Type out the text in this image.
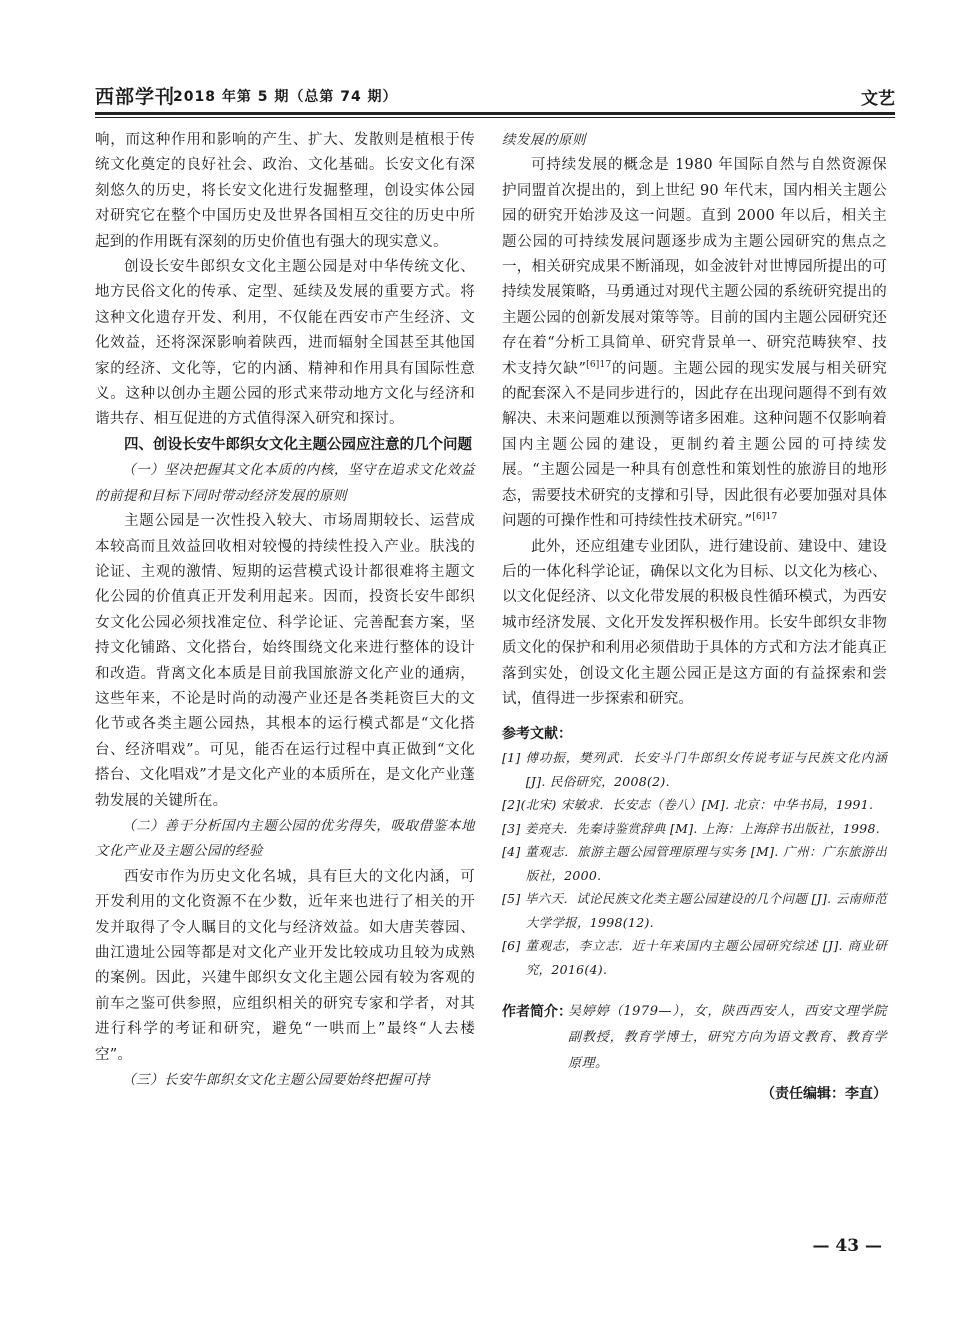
西部学刊
2018 年第 5 期（总第 74 期）	文艺

响，而这种作用和影响的产生、扩大、发散则是植根于传统文化奠定的良好社会、政治、文化基础。长安文化有深刻悠久的历史，将长安文化进行发掘整理，创设实体公园对研究它在整个中国历史及世界各国相互交往的历史中所起到的作用既有深刻的历史价值也有强大的现实意义。

创设长安牛郎织女文化主题公园是对中华传统文化、地方民俗文化的传承、定型、延续及发展的重要方式。将这种文化遗存开发、利用，不仅能在西安市产生经济、文化效益，还将深深影响着陕西，进而辐射全国甚至其他国家的经济、文化等，它的内涵、精神和作用具有国际性意义。这种以创办主题公园的形式来带动地方文化与经济和谐共存、相互促进的方式值得深入研究和探讨。

四、创设长安牛郎织女文化主题公园应注意的几个问题

（一）坚决把握其文化本质的内核，坚守在追求文化效益的前提和目标下同时带动经济发展的原则

主题公园是一次性投入较大、市场周期较长、运营成本较高而且效益回收相对较慢的持续性投入产业。肤浅的论证、主观的激情、短期的运营模式设计都很难将主题文化公园的价值真正开发利用起来。因而，投资长安牛郎织女文化公园必须找准定位、科学论证、完善配套方案，坚持文化铺路、文化搭台，始终围绕文化来进行整体的设计和改造。背离文化本质是目前我国旅游文化产业的通病，这些年来，不论是时尚的动漫产业还是各类耗资巨大的文化节或各类主题公园热，其根本的运行模式都是“文化搭台、经济唱戏”。可见，能否在运行过程中真正做到“文化搭台、文化唱戏”才是文化产业的本质所在，是文化产业蓬勃发展的关键所在。

（二）善于分析国内主题公园的优劣得失，吸取借鉴本地文化产业及主题公园的经验

西安市作为历史文化名城，具有巨大的文化内涵，可开发利用的文化资源不在少数，近年来也进行了相关的开发并取得了令人瞩目的文化与经济效益。如大唐芙蓉园、曲江遗址公园等都是对文化产业开发比较成功且较为成熟的案例。因此，兴建牛郎织女文化主题公园有较为客观的前车之鉴可供参照，应组织相关的研究专家和学者，对其进行科学的考证和研究，避免“一哄而上”最终“人去楼空”。

（三）长安牛郎织女文化主题公园要始终把握可持

续发展的原则

可持续发展的概念是 1980 年国际自然与自然资源保护同盟首次提出的，到上世纪 90 年代末，国内相关主题公园的研究开始涉及这一问题。直到 2000 年以后，相关主题公园的可持续发展问题逐步成为主题公园研究的焦点之一，相关研究成果不断涌现，如金波针对世博园所提出的可持续发展策略，马勇通过对现代主题公园的系统研究提出的主题公园的创新发展对策等等。目前的国内主题公园研究还存在着“分析工具简单、研究背景单一、研究范畴狭窄、技术支持欠缺”$^{[6]17}$的问题。主题公园的现实发展与相关研究的配套深入不是同步进行的，因此存在出现问题得不到有效解决、未来问题难以预测等诸多困难。这种问题不仅影响着国内主题公园的建设，更制约着主题公园的可持续发展。“主题公园是一种具有创意性和策划性的旅游目的地形态，需要技术研究的支撑和引导，因此很有必要加强对具体问题的可操作性和可持续性技术研究。”$^{[6]17}$

此外，还应组建专业团队，进行建设前、建设中、建设后的一体化科学论证，确保以文化为目标、以文化为核心、以文化促经济、以文化带发展的积极良性循环模式，为西安城市经济发展、文化开发发挥积极作用。长安牛郎织女非物质文化的保护和利用必须借助于具体的方式和方法才能真正落到实处，创设文化主题公园正是这方面的有益探索和尝试，值得进一步探索和研究。

参考文献：

[1] 傅功振，樊列武．长安斗门牛郎织女传说考证与民族文化内涵 [J]. 民俗研究，2008(2).

[2](北宋) 宋敏求．长安志（卷八）[M]. 北京：中华书局，1991.

[3] 姜亮夫．先秦诗鉴赏辞典 [M]. 上海：上海辞书出版社，1998.

[4] 董观志．旅游主题公园管理原理与实务 [M]. 广州：广东旅游出版社，2000.

[5] 毕六天．试论民族文化类主题公园建设的几个问题 [J]. 云南师范大学学报，1998(12).

[6] 董观志，李立志．近十年来国内主题公园研究综述 [J]. 商业研究，2016(4).

作者简介：

吴婷婷（1979—），女，陕西西安人，西安文理学院副教授，教育学博士，研究方向为语文教育、教育学原理。

（责任编辑：李直）
— 43 —
